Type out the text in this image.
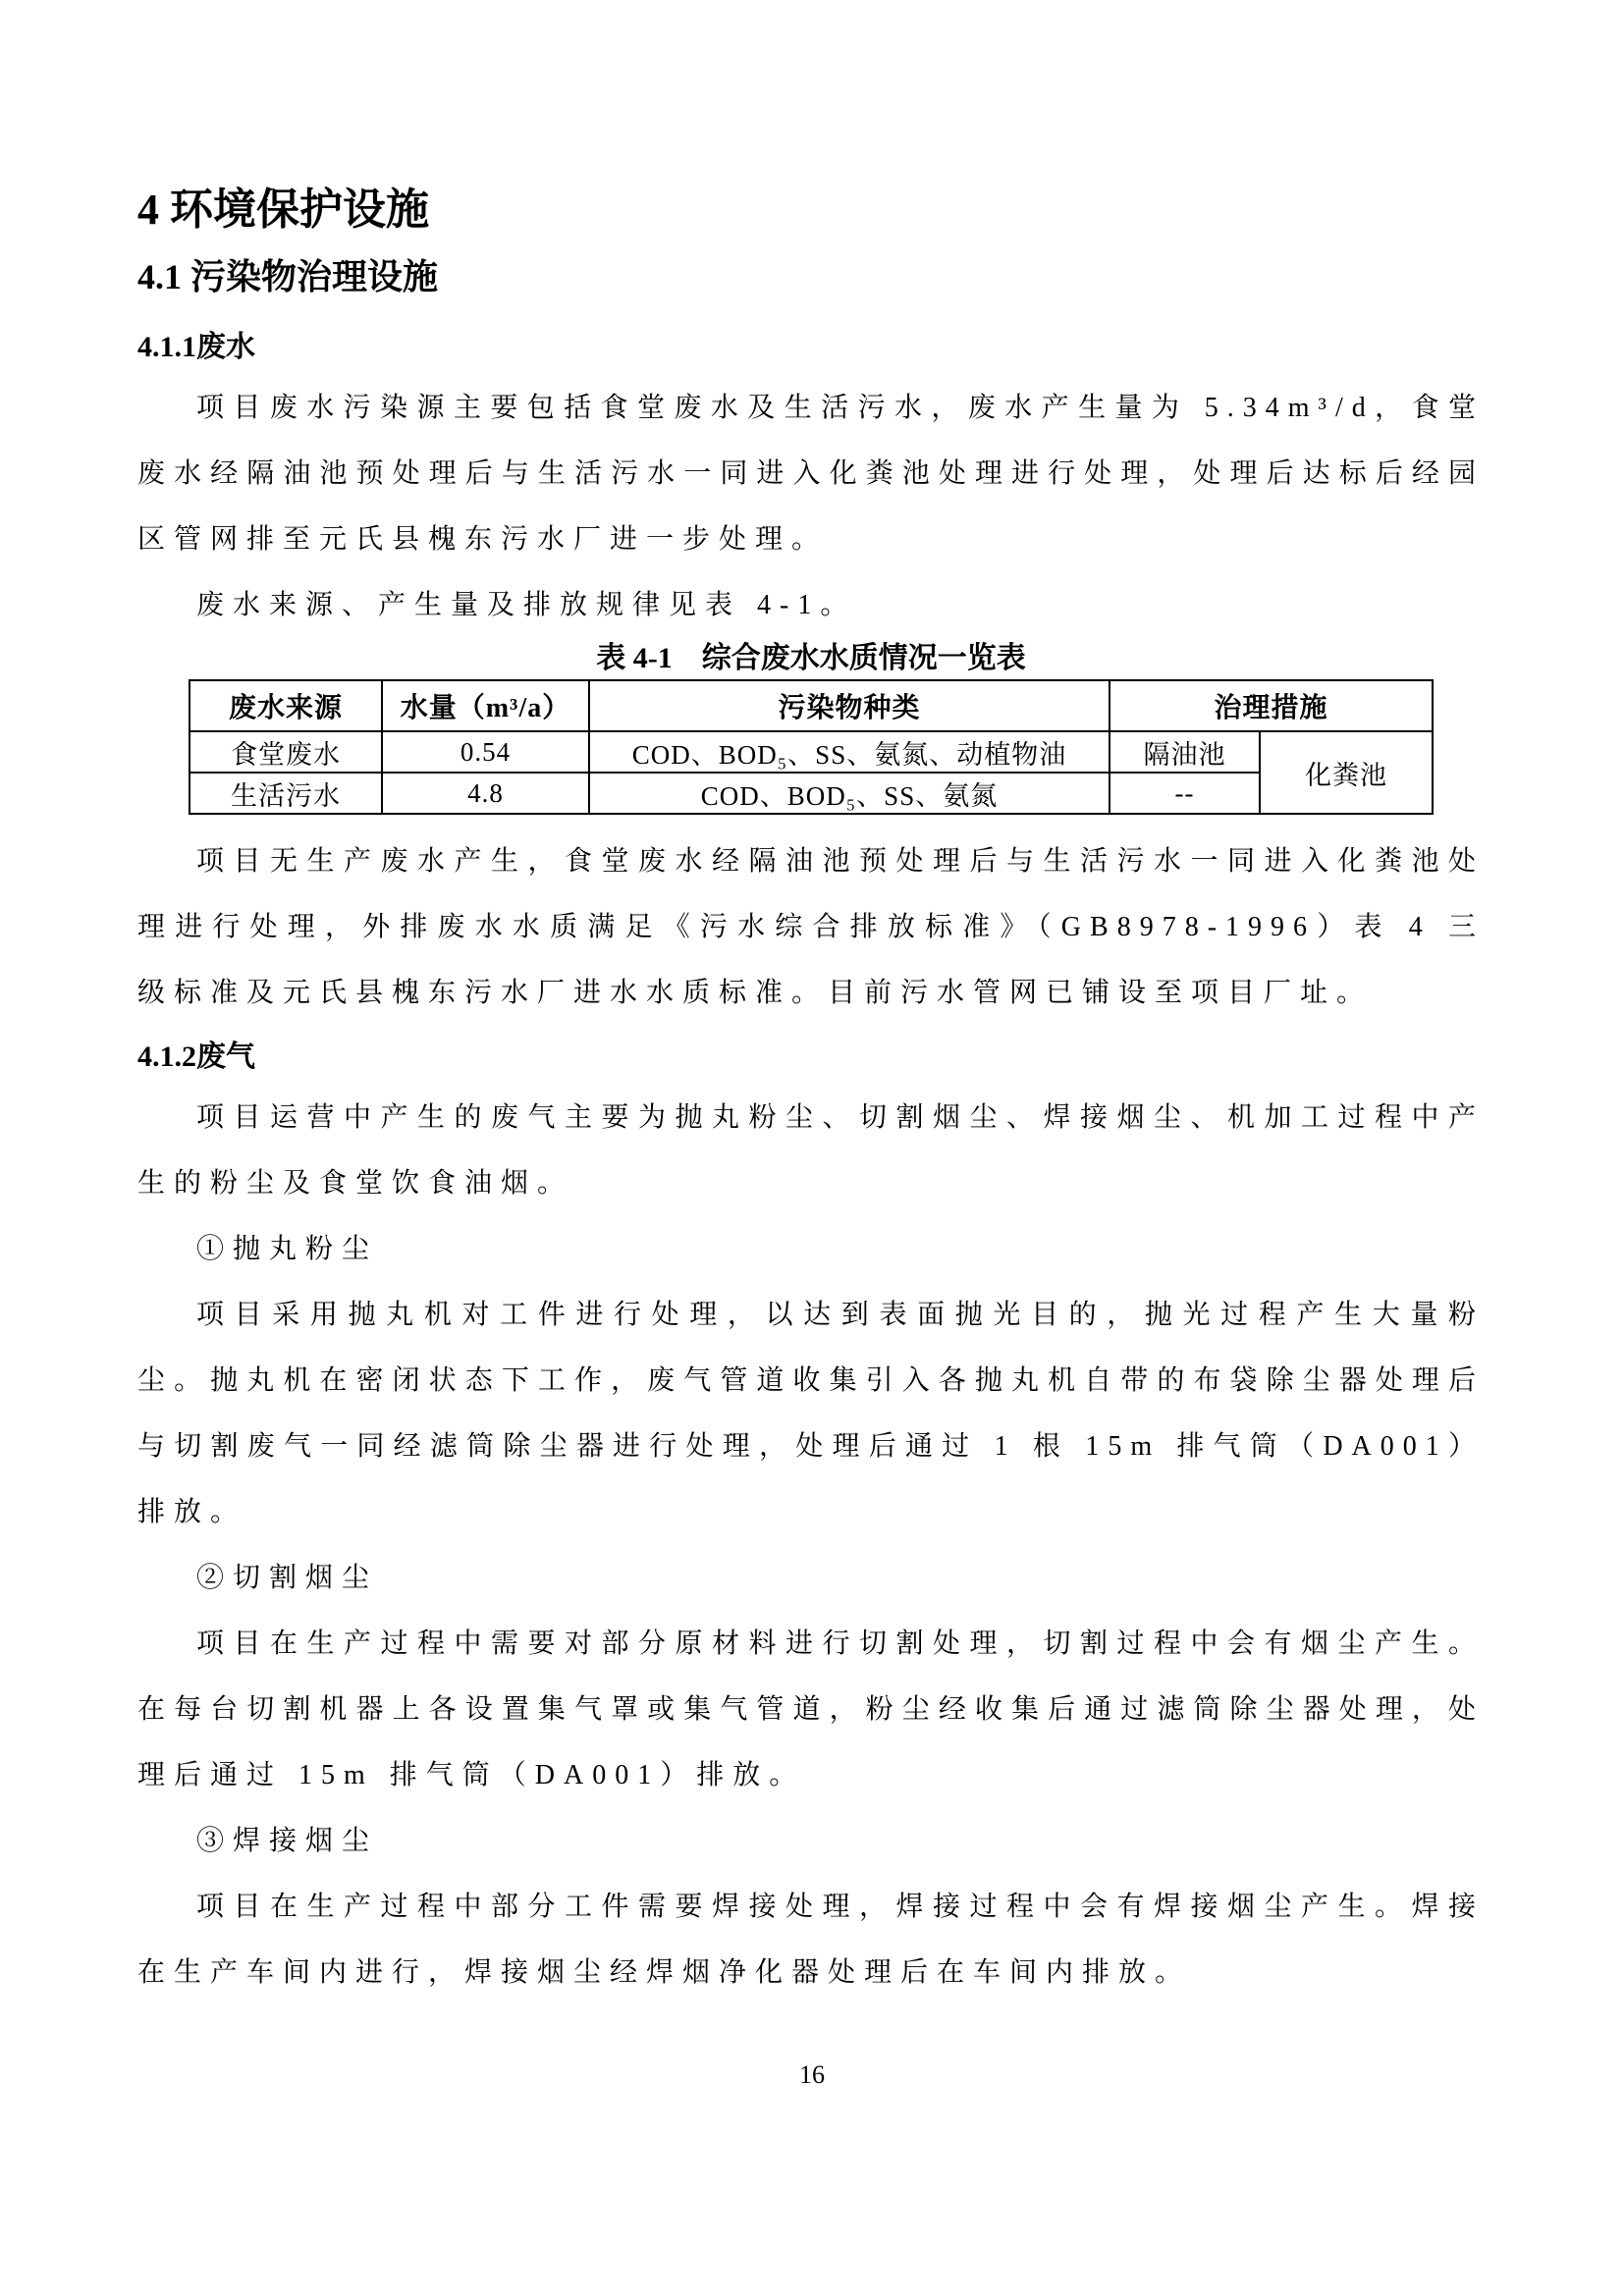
4 环境保护设施
4.1 污染物治理设施
4.1.1废水

项目废水污染源主要包括食堂废水及生活污水，废水产生量为 5.34m³/d，食堂废水经隔油池预处理后与生活污水一同进入化粪池处理进行处理，处理后达标后经园区管网排至元氏县槐东污水厂进一步处理。

废水来源、产生量及排放规律见表 4-1。

表 4-1　综合废水水质情况一览表
废水来源	水量（m³/a）	污染物种类	治理措施	
食堂废水	0.54	COD、BOD₅、SS、氨氮、动植物油	隔油池	化粪池
生活污水	4.8	COD、BOD₅、SS、氨氮	--	

项目无生产废水产生，食堂废水经隔油池预处理后与生活污水一同进入化粪池处理进行处理，外排废水水质满足《污水综合排放标准》（GB8978-1996）表 4 三级标准及元氏县槐东污水厂进水水质标准。目前污水管网已铺设至项目厂址。

4.1.2废气

项目运营中产生的废气主要为抛丸粉尘、切割烟尘、焊接烟尘、机加工过程中产生的粉尘及食堂饮食油烟。

①抛丸粉尘

项目采用抛丸机对工件进行处理，以达到表面抛光目的，抛光过程产生大量粉尘。抛丸机在密闭状态下工作，废气管道收集引入各抛丸机自带的布袋除尘器处理后与切割废气一同经滤筒除尘器进行处理，处理后通过 1 根 15m 排气筒（DA001）排放。

②切割烟尘

项目在生产过程中需要对部分原材料进行切割处理，切割过程中会有烟尘产生。在每台切割机器上各设置集气罩或集气管道，粉尘经收集后通过滤筒除尘器处理，处理后通过 15m 排气筒（DA001）排放。

③焊接烟尘

项目在生产过程中部分工件需要焊接处理，焊接过程中会有焊接烟尘产生。焊接在生产车间内进行，焊接烟尘经焊烟净化器处理后在车间内排放。

16
